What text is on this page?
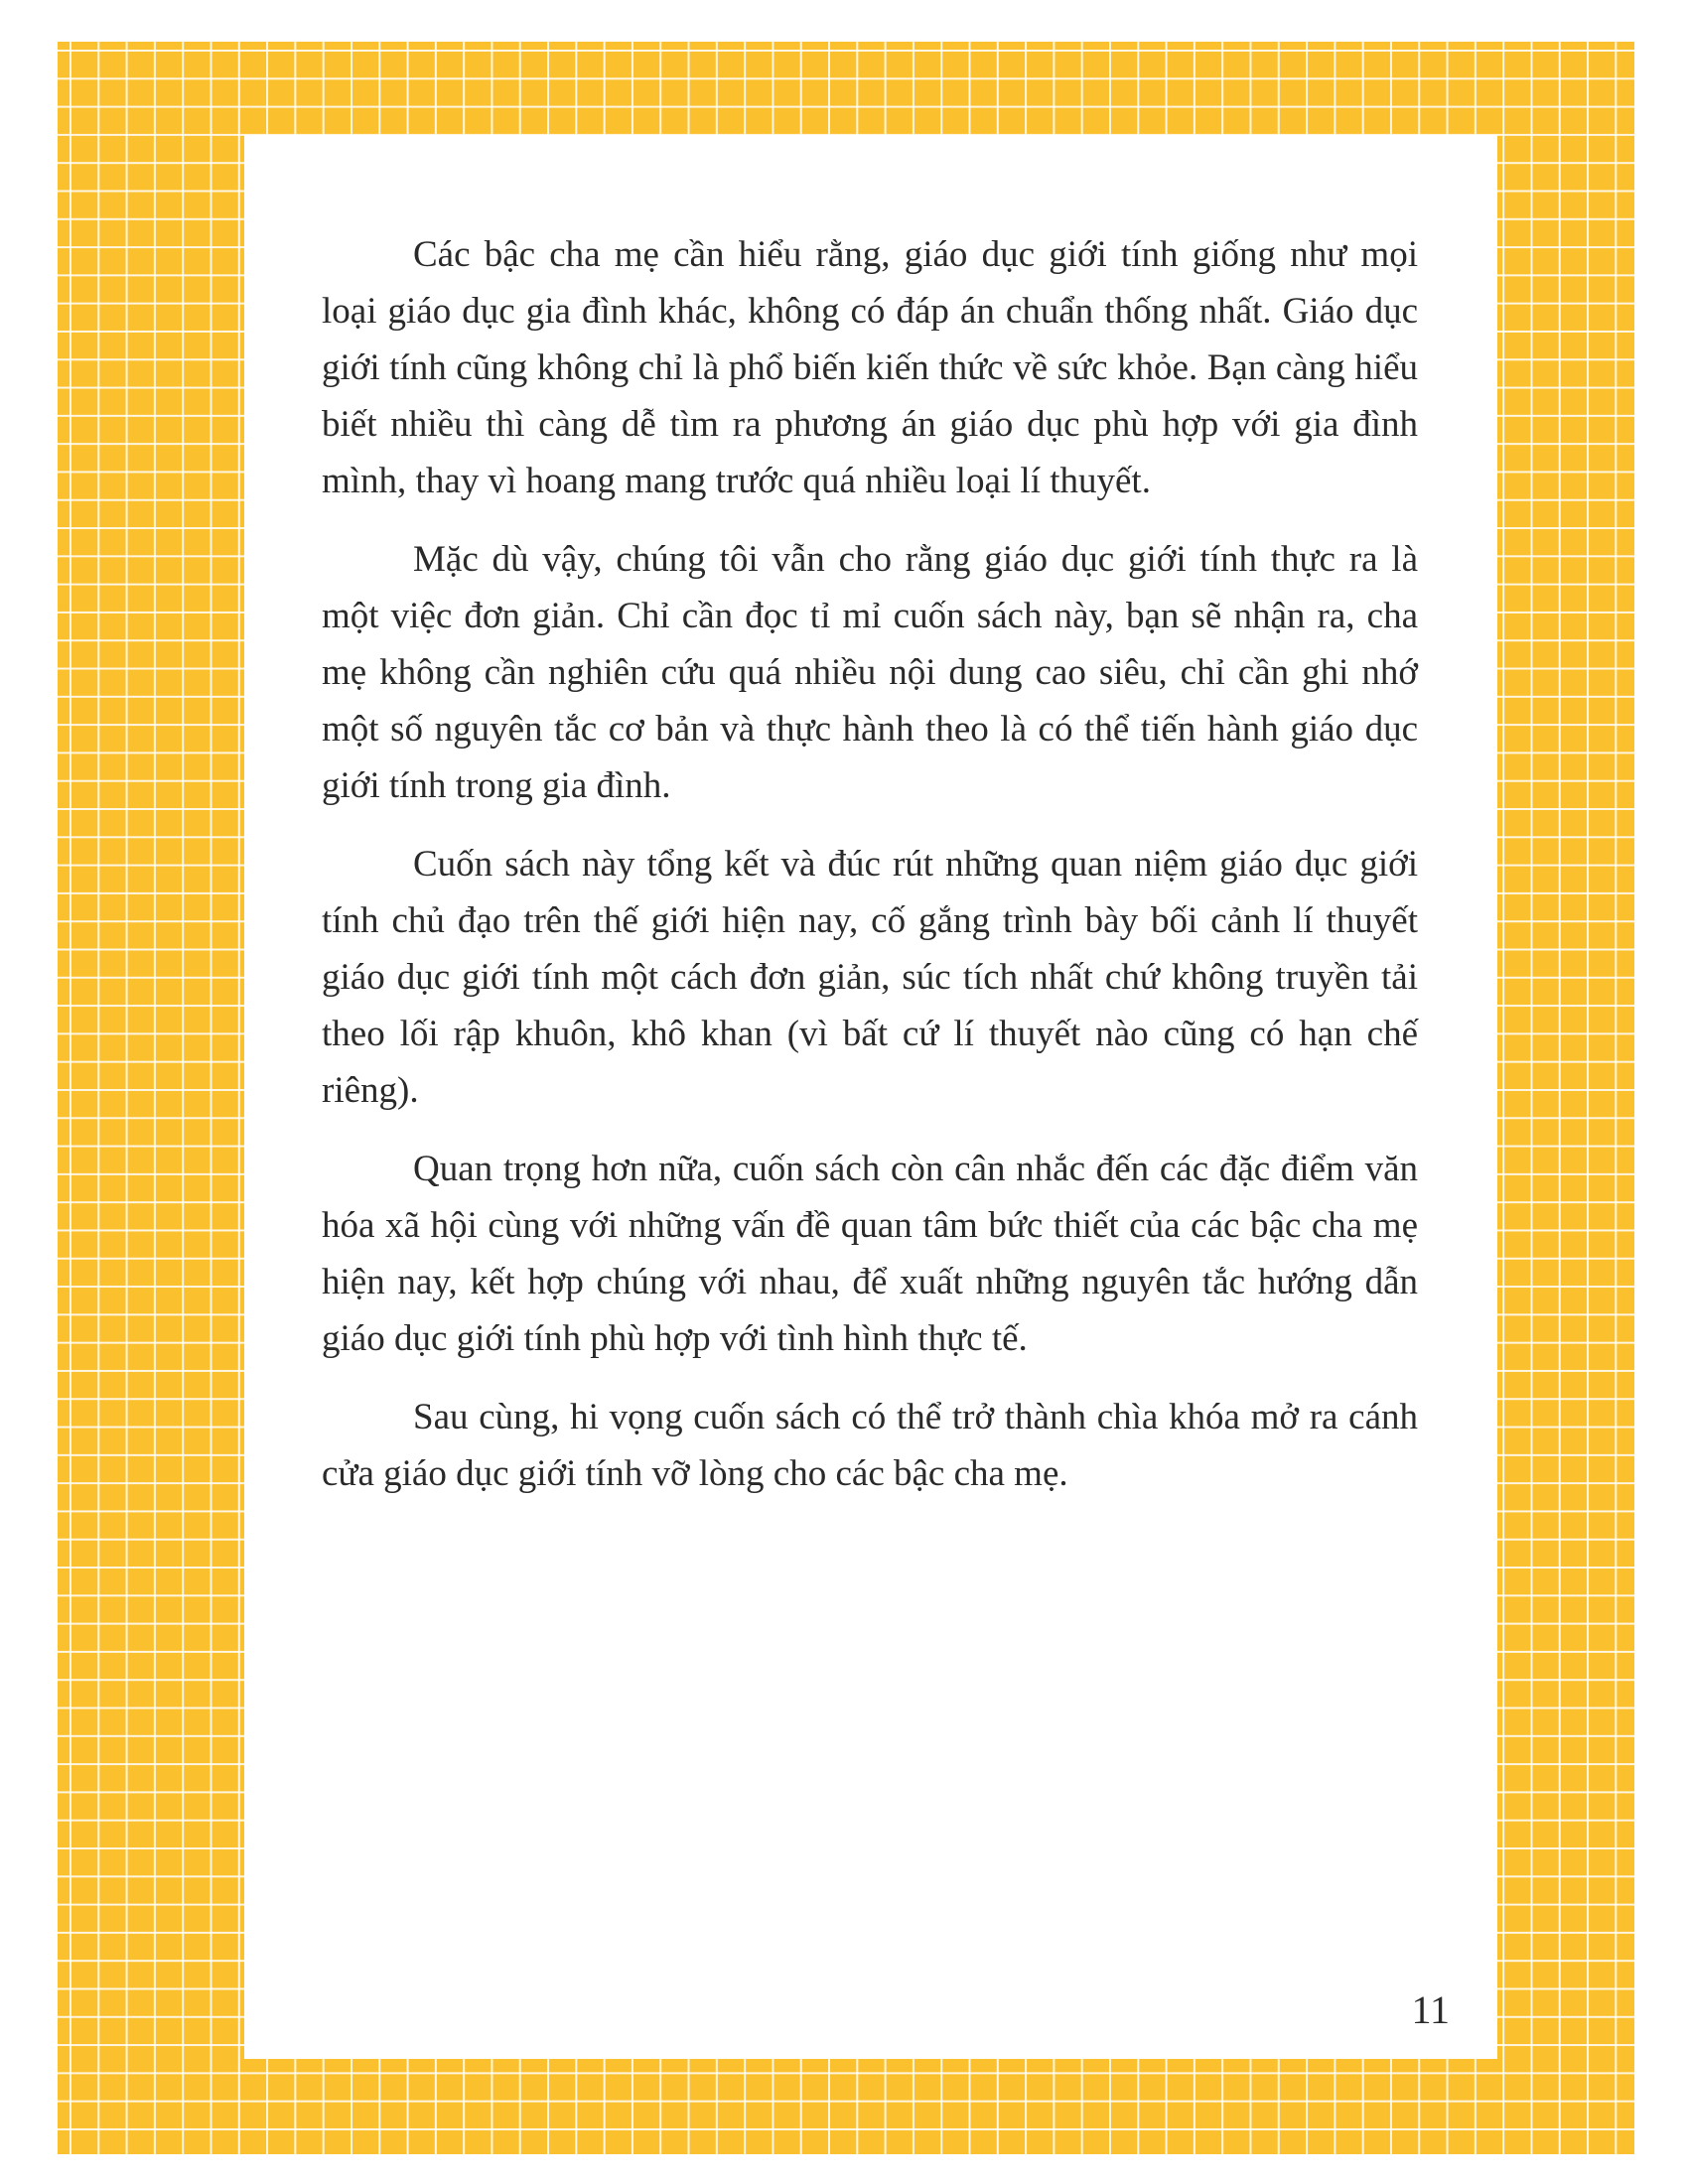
Các bậc cha mẹ cần hiểu rằng, giáo dục giới tính giống như mọi loại giáo dục gia đình khác, không có đáp án chuẩn thống nhất. Giáo dục giới tính cũng không chỉ là phổ biến kiến thức về sức khỏe. Bạn càng hiểu biết nhiều thì càng dễ tìm ra phương án giáo dục phù hợp với gia đình mình, thay vì hoang mang trước quá nhiều loại lí thuyết.

Mặc dù vậy, chúng tôi vẫn cho rằng giáo dục giới tính thực ra là một việc đơn giản. Chỉ cần đọc tỉ mỉ cuốn sách này, bạn sẽ nhận ra, cha mẹ không cần nghiên cứu quá nhiều nội dung cao siêu, chỉ cần ghi nhớ một số nguyên tắc cơ bản và thực hành theo là có thể tiến hành giáo dục giới tính trong gia đình.

Cuốn sách này tổng kết và đúc rút những quan niệm giáo dục giới tính chủ đạo trên thế giới hiện nay, cố gắng trình bày bối cảnh lí thuyết giáo dục giới tính một cách đơn giản, súc tích nhất chứ không truyền tải theo lối rập khuôn, khô khan (vì bất cứ lí thuyết nào cũng có hạn chế riêng).

Quan trọng hơn nữa, cuốn sách còn cân nhắc đến các đặc điểm văn hóa xã hội cùng với những vấn đề quan tâm bức thiết của các bậc cha mẹ hiện nay, kết hợp chúng với nhau, để xuất những nguyên tắc hướng dẫn giáo dục giới tính phù hợp với tình hình thực tế.

Sau cùng, hi vọng cuốn sách có thể trở thành chìa khóa mở ra cánh cửa giáo dục giới tính vỡ lòng cho các bậc cha mẹ.

11
